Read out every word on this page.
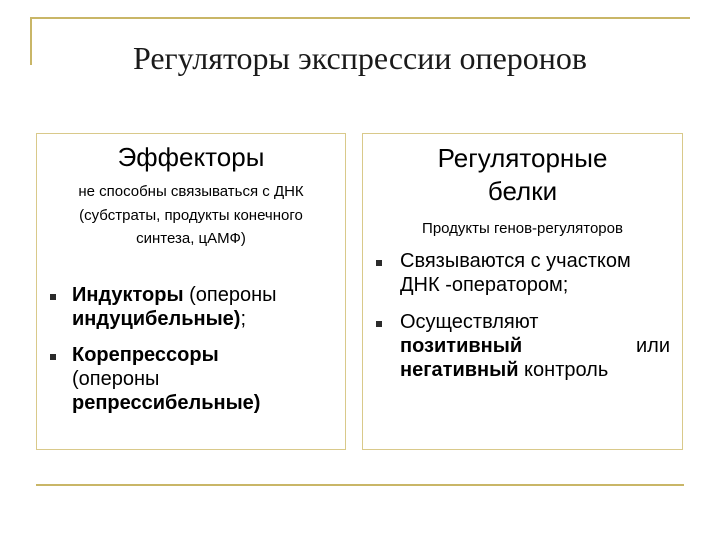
Регуляторы экспрессии оперонов
Эффекторы
не способны связываться с ДНК
(субстраты, продукты конечного
синтеза, цАМФ)
Индукторы (опероны
индуцибельные);
Корепрессоры
(опероны
репрессибельные)
Регуляторные
белки
Продукты генов-регуляторов
Связываются с участком
ДНК -оператором;
Осуществляют

позитивный	или
негативный контроль
